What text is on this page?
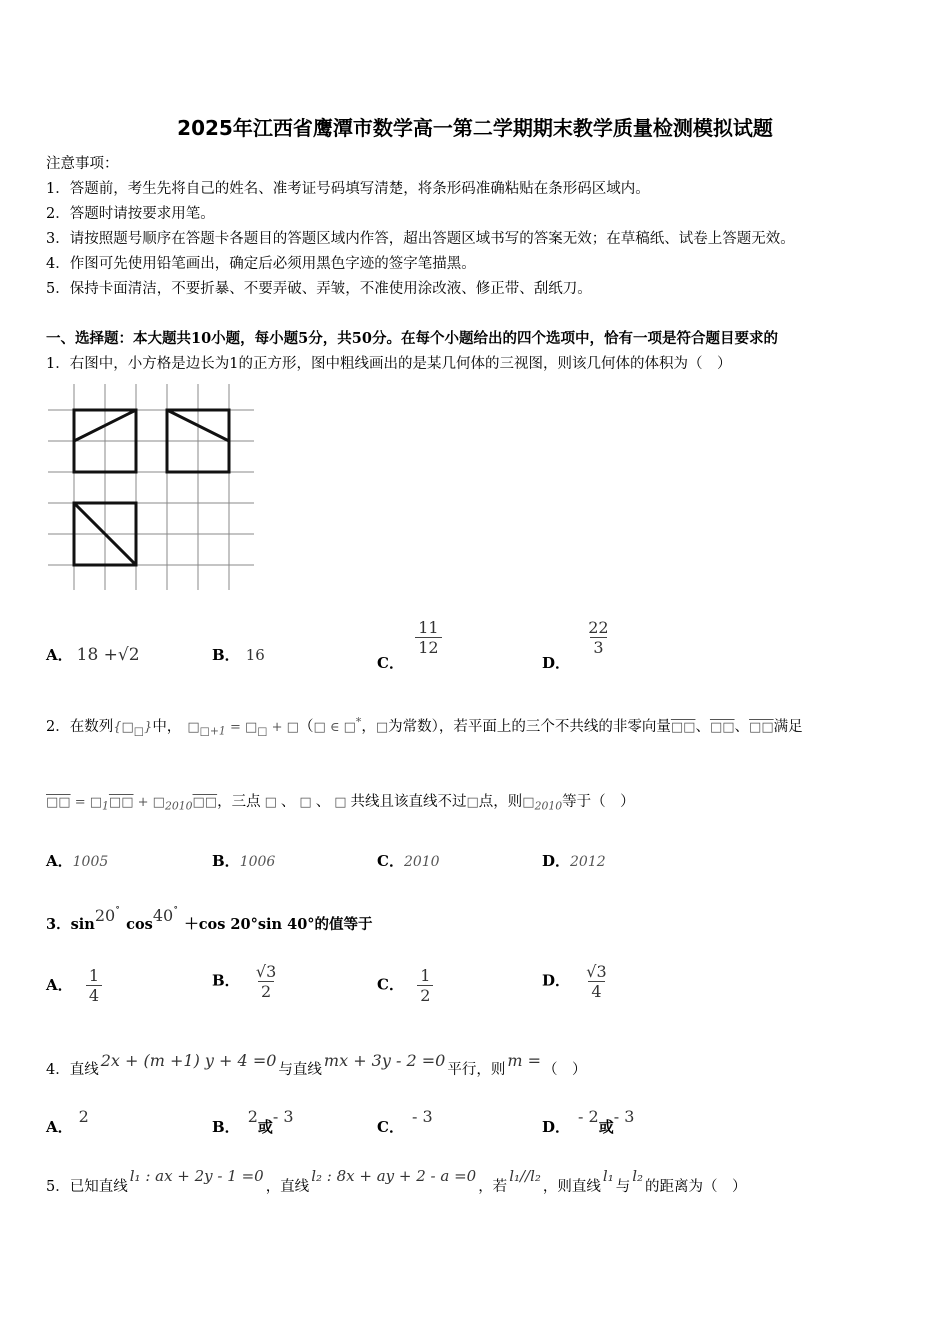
2025年江西省鹰潭市数学高一第二学期期末教学质量检测模拟试题
注意事项：
1．答题前，考生先将自己的姓名、准考证号码填写清楚，将条形码准确粘贴在条形码区域内。
2．答题时请按要求用笔。
3．请按照题号顺序在答题卡各题目的答题区域内作答，超出答题区域书写的答案无效；在草稿纸、试卷上答题无效。
4．作图可先使用铅笔画出，确定后必须用黑色字迹的签字笔描黑。
5．保持卡面清洁，不要折暴、不要弄破、弄皱，不准使用涂改液、修正带、刮纸刀。
一、选择题：本大题共10小题，每小题5分，共50分。在每个小题给出的四个选项中，恰有一项是符合题目要求的
1．右图中，小方格是边长为1的正方形，图中粗线画出的是某几何体的三视图，则该几何体的体积为（　）
A． 18 +√2	B． 16	C．
$\frac{11}{12}$
D．
$\frac{22}{3}$
2．在数列$\{□_□\}$中， $□_{□+1}$ = $□_□$ + □（□ ∈ □*，□为常数），若平面上的三个不共线的非零向量□□、□□、□□满足
□□ = $□_1□□$ + $□_{2010}□□$，三点 □ 、 □ 、 □ 共线且该直线不过□点，则$□_{2010}$等于（　）
A．1005	B．1006	C．2010	D．2012
3．sin20˚cos40˚＋cos 20°sin 40°的值等于
A． $\frac{1}{4}$	B． $\frac{√3}{2}$	C． $\frac{1}{2}$	D． $\frac{√3}{4}$
4．直线 2x + (m +1) y + 4 =0 与直线 mx + 3y - 2 =0 平行，则 m = （　）
A．2
B．2或- 3
C．- 3
D．- 2或- 3
5．已知直线l₁ : ax + 2y - 1 =0，直线l₂ : 8x + ay + 2 - a =0，若l₁//l₂，则直线l₁与l₂的距离为（　）
